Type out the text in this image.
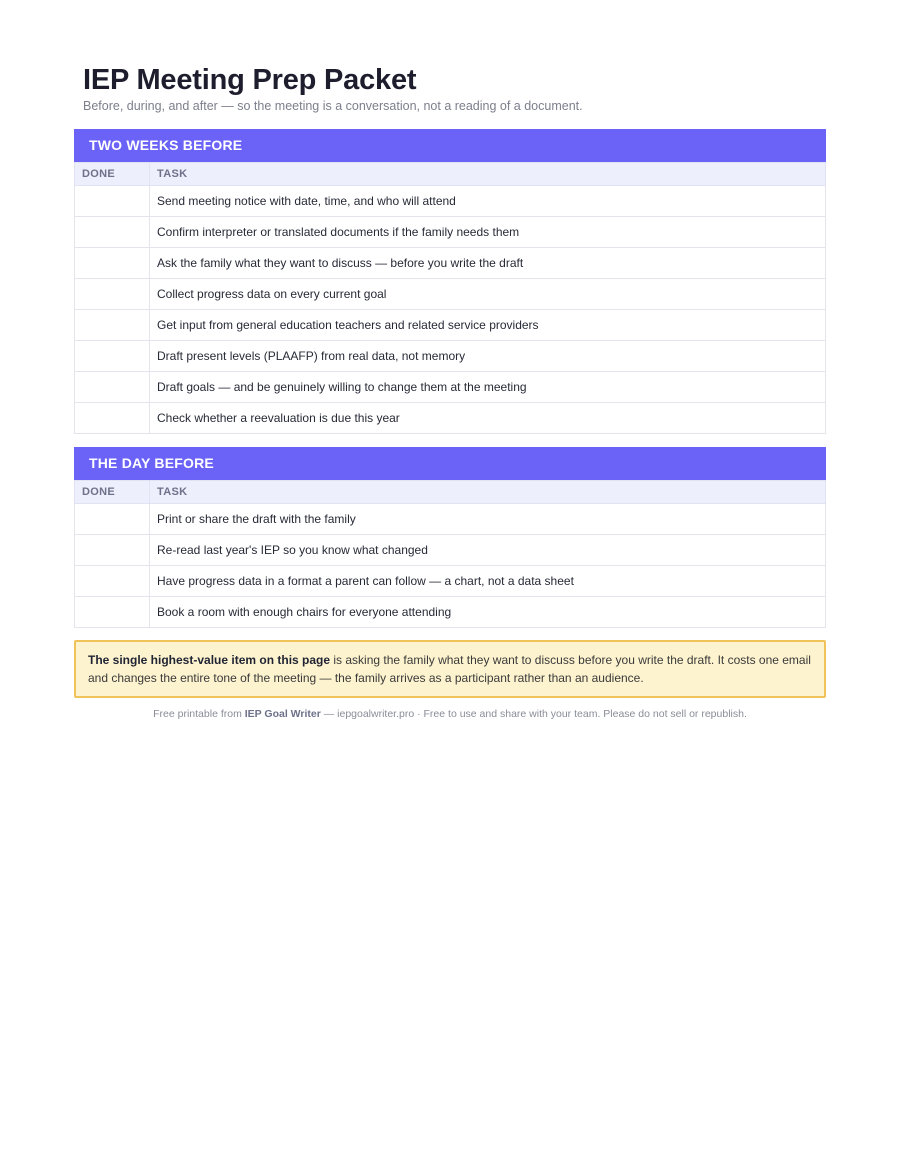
IEP Meeting Prep Packet

Before, during, and after — so the meeting is a conversation, not a reading of a document.

TWO WEEKS BEFORE
DONE	TASK
	Send meeting notice with date, time, and who will attend
	Confirm interpreter or translated documents if the family needs them
	Ask the family what they want to discuss — before you write the draft
	Collect progress data on every current goal
	Get input from general education teachers and related service providers
	Draft present levels (PLAAFP) from real data, not memory
	Draft goals — and be genuinely willing to change them at the meeting
	Check whether a reevaluation is due this year
THE DAY BEFORE
DONE	TASK
	Print or share the draft with the family
	Re-read last year's IEP so you know what changed
	Have progress data in a format a parent can follow — a chart, not a data sheet
	Book a room with enough chairs for everyone attending
The single highest-value item on this page is asking the family what they want to discuss before you write the draft. It costs one email and changes the entire tone of the meeting — the family arrives as a participant rather than an audience.
Free printable from IEP Goal Writer — iepgoalwriter.pro · Free to use and share with your team. Please do not sell or republish.
